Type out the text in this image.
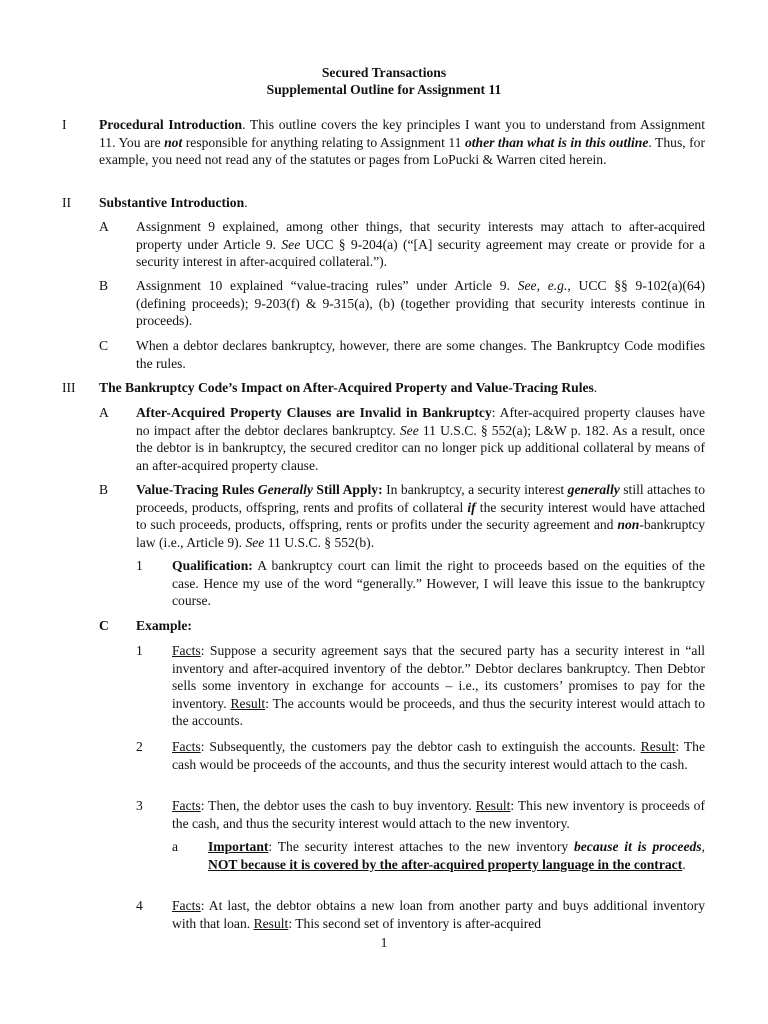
Secured Transactions
Supplemental Outline for Assignment 11
I Procedural Introduction. This outline covers the key principles I want you to understand from Assignment 11. You are not responsible for anything relating to Assignment 11 other than what is in this outline. Thus, for example, you need not read any of the statutes or pages from LoPucki & Warren cited herein.
II Substantive Introduction.
A Assignment 9 explained, among other things, that security interests may attach to after-acquired property under Article 9. See UCC § 9-204(a) (“[A] security agreement may create or provide for a security interest in after-acquired collateral.”).
B Assignment 10 explained “value-tracing rules” under Article 9. See, e.g., UCC §§ 9-102(a)(64) (defining proceeds); 9-203(f) & 9-315(a), (b) (together providing that security interests continue in proceeds).
C When a debtor declares bankruptcy, however, there are some changes. The Bankruptcy Code modifies the rules.
III The Bankruptcy Code’s Impact on After-Acquired Property and Value-Tracing Rules.
A After-Acquired Property Clauses are Invalid in Bankruptcy: After-acquired property clauses have no impact after the debtor declares bankruptcy. See 11 U.S.C. § 552(a); L&W p. 182. As a result, once the debtor is in bankruptcy, the secured creditor can no longer pick up additional collateral by means of an after-acquired property clause.
B Value-Tracing Rules Generally Still Apply: In bankruptcy, a security interest generally still attaches to proceeds, products, offspring, rents and profits of collateral if the security interest would have attached to such proceeds, products, offspring, rents or profits under the security agreement and non-bankruptcy law (i.e., Article 9). See 11 U.S.C. § 552(b).
1 Qualification: A bankruptcy court can limit the right to proceeds based on the equities of the case. Hence my use of the word “generally.” However, I will leave this issue to the bankruptcy course.
C Example:
1 Facts: Suppose a security agreement says that the secured party has a security interest in “all inventory and after-acquired inventory of the debtor.” Debtor declares bankruptcy. Then Debtor sells some inventory in exchange for accounts – i.e., its customers’ promises to pay for the inventory. Result: The accounts would be proceeds, and thus the security interest would attach to the accounts.
2 Facts: Subsequently, the customers pay the debtor cash to extinguish the accounts. Result: The cash would be proceeds of the accounts, and thus the security interest would attach to the cash.
3 Facts: Then, the debtor uses the cash to buy inventory. Result: This new inventory is proceeds of the cash, and thus the security interest would attach to the new inventory.
a Important: The security interest attaches to the new inventory because it is proceeds, NOT because it is covered by the after-acquired property language in the contract.
4 Facts: At last, the debtor obtains a new loan from another party and buys additional inventory with that loan. Result: This second set of inventory is after-acquired
1
